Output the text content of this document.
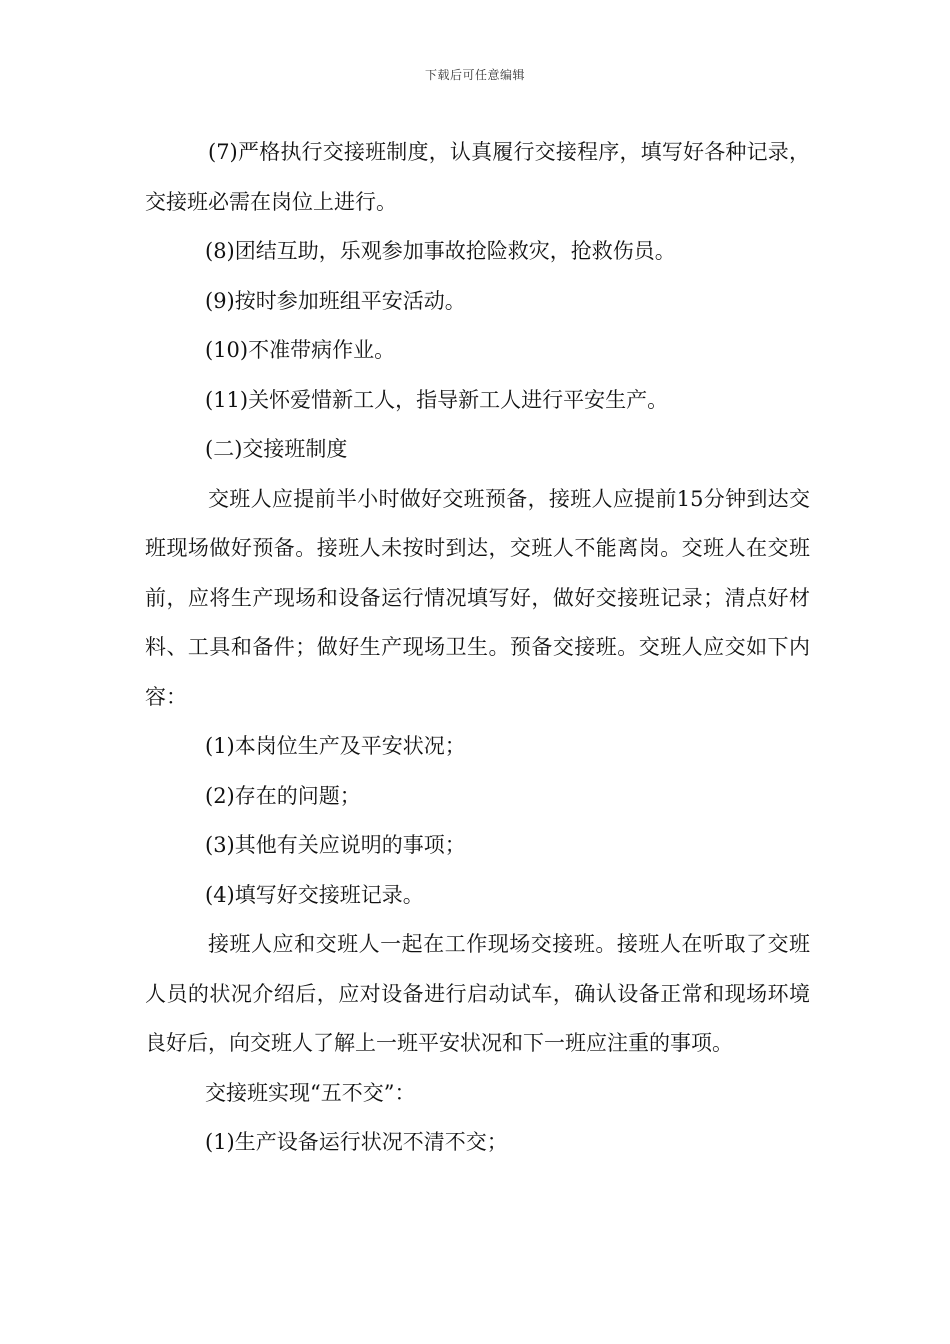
下载后可任意编辑

(7)严格执行交接班制度，认真履行交接程序，填写好各种记录，交接班必需在岗位上进行。

(8)团结互助，乐观参加事故抢险救灾，抢救伤员。

(9)按时参加班组平安活动。

(10)不准带病作业。

(11)关怀爱惜新工人，指导新工人进行平安生产。

(二)交接班制度

交班人应提前半小时做好交班预备，接班人应提前15分钟到达交班现场做好预备。接班人未按时到达，交班人不能离岗。交班人在交班前，应将生产现场和设备运行情况填写好，做好交接班记录；清点好材料、工具和备件；做好生产现场卫生。预备交接班。交班人应交如下内容：

(1)本岗位生产及平安状况；

(2)存在的问题；

(3)其他有关应说明的事项；

(4)填写好交接班记录。

接班人应和交班人一起在工作现场交接班。接班人在听取了交班人员的状况介绍后，应对设备进行启动试车，确认设备正常和现场环境良好后，向交班人了解上一班平安状况和下一班应注重的事项。

交接班实现“五不交”：

(1)生产设备运行状况不清不交；
